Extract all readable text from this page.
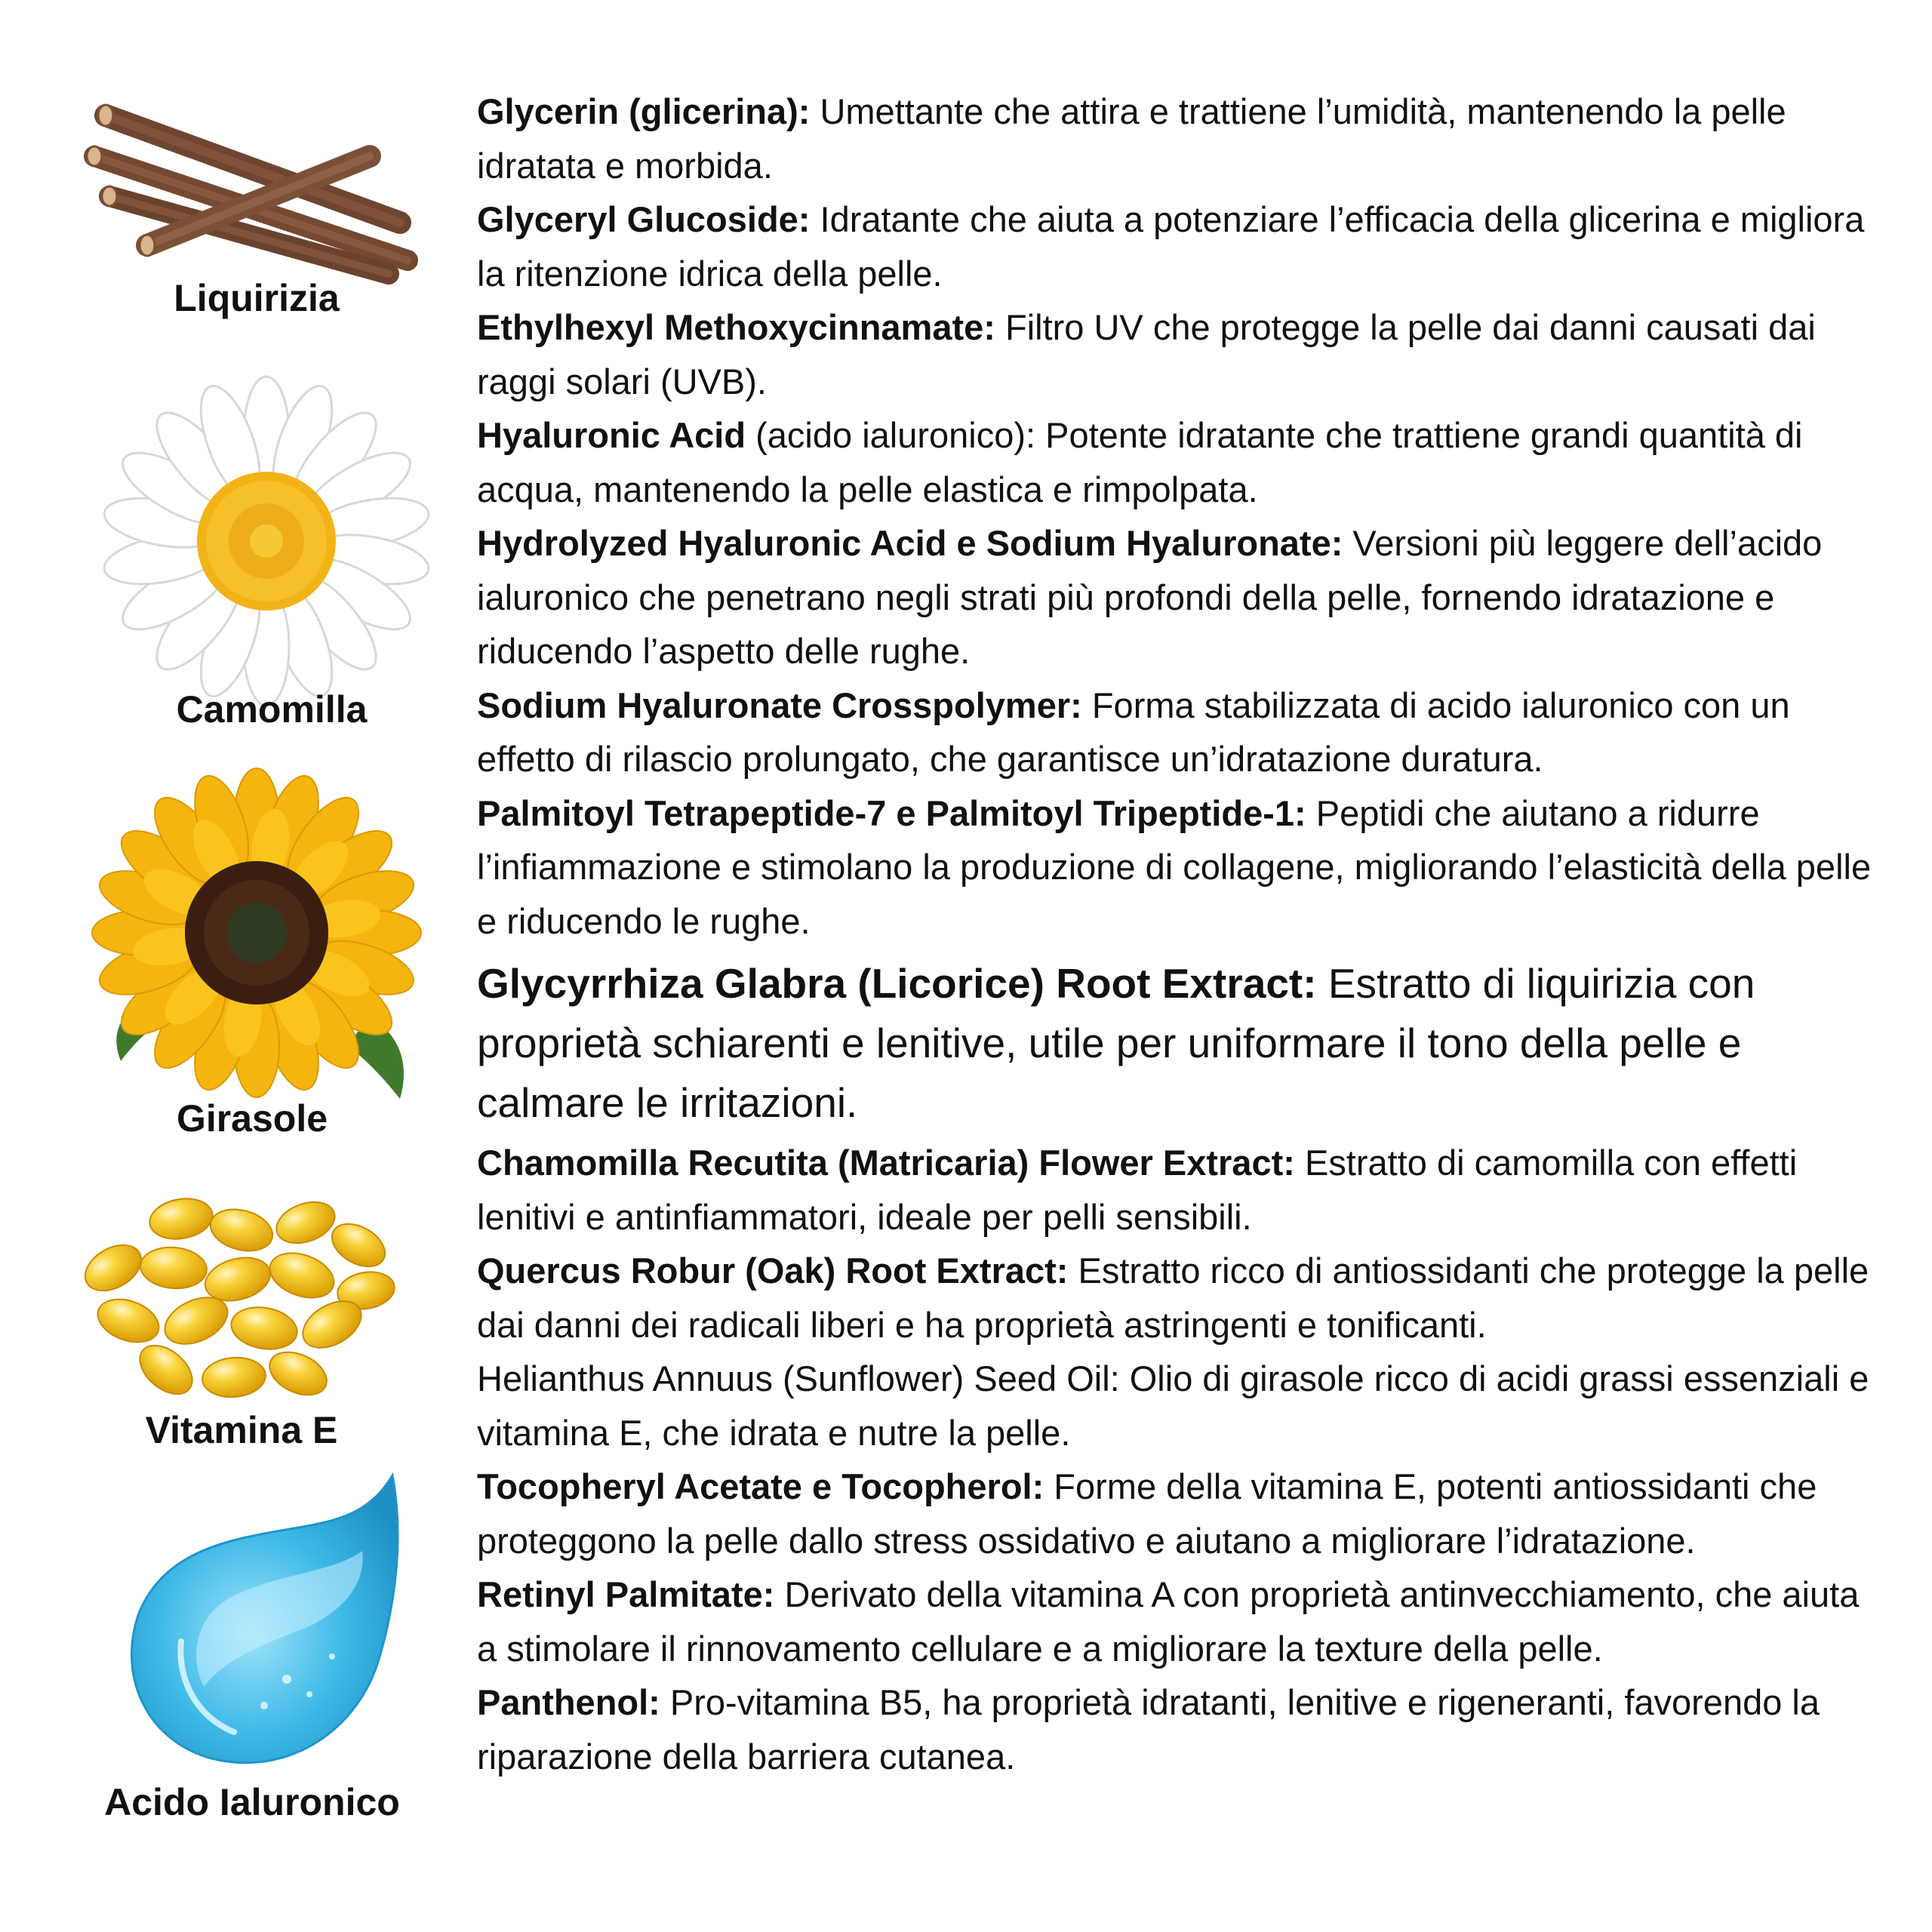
Liquirizia
Camomilla
Girasole
Vitamina E
Acido Ialuronico

Glycerin (glicerina): Umettante che attira e trattiene l’umidità, mantenendo la pelle idratata e morbida.

Glyceryl Glucoside: Idratante che aiuta a potenziare l’efficacia della glicerina e migliora la ritenzione idrica della pelle.

Ethylhexyl Methoxycinnamate: Filtro UV che protegge la pelle dai danni causati dai raggi solari (UVB).

Hyaluronic Acid (acido ialuronico): Potente idratante che trattiene grandi quantità di acqua, mantenendo la pelle elastica e rimpolpata.

Hydrolyzed Hyaluronic Acid e Sodium Hyaluronate: Versioni più leggere dell’acido ialuronico che penetrano negli strati più profondi della pelle, fornendo idratazione e riducendo l’aspetto delle rughe.

Sodium Hyaluronate Crosspolymer: Forma stabilizzata di acido ialuronico con un effetto di rilascio prolungato, che garantisce un’idratazione duratura.

Palmitoyl Tetrapeptide-7 e Palmitoyl Tripeptide-1: Peptidi che aiutano a ridurre l’infiammazione e stimolano la produzione di collagene, migliorando l’elasticità della pelle e riducendo le rughe.

Glycyrrhiza Glabra (Licorice) Root Extract: Estratto di liquirizia con proprietà schiarenti e lenitive, utile per uniformare il tono della pelle e calmare le irritazioni.

Chamomilla Recutita (Matricaria) Flower Extract: Estratto di camomilla con effetti lenitivi e antinfiammatori, ideale per pelli sensibili.

Quercus Robur (Oak) Root Extract: Estratto ricco di antiossidanti che protegge la pelle dai danni dei radicali liberi e ha proprietà astringenti e tonificanti.

Helianthus Annuus (Sunflower) Seed Oil: Olio di girasole ricco di acidi grassi essenziali e vitamina E, che idrata e nutre la pelle.

Tocopheryl Acetate e Tocopherol: Forme della vitamina E, potenti antiossidanti che proteggono la pelle dallo stress ossidativo e aiutano a migliorare l’idratazione.

Retinyl Palmitate: Derivato della vitamina A con proprietà antinvecchiamento, che aiuta a stimolare il rinnovamento cellulare e a migliorare la texture della pelle.

Panthenol: Pro-vitamina B5, ha proprietà idratanti, lenitive e rigeneranti, favorendo la riparazione della barriera cutanea.
